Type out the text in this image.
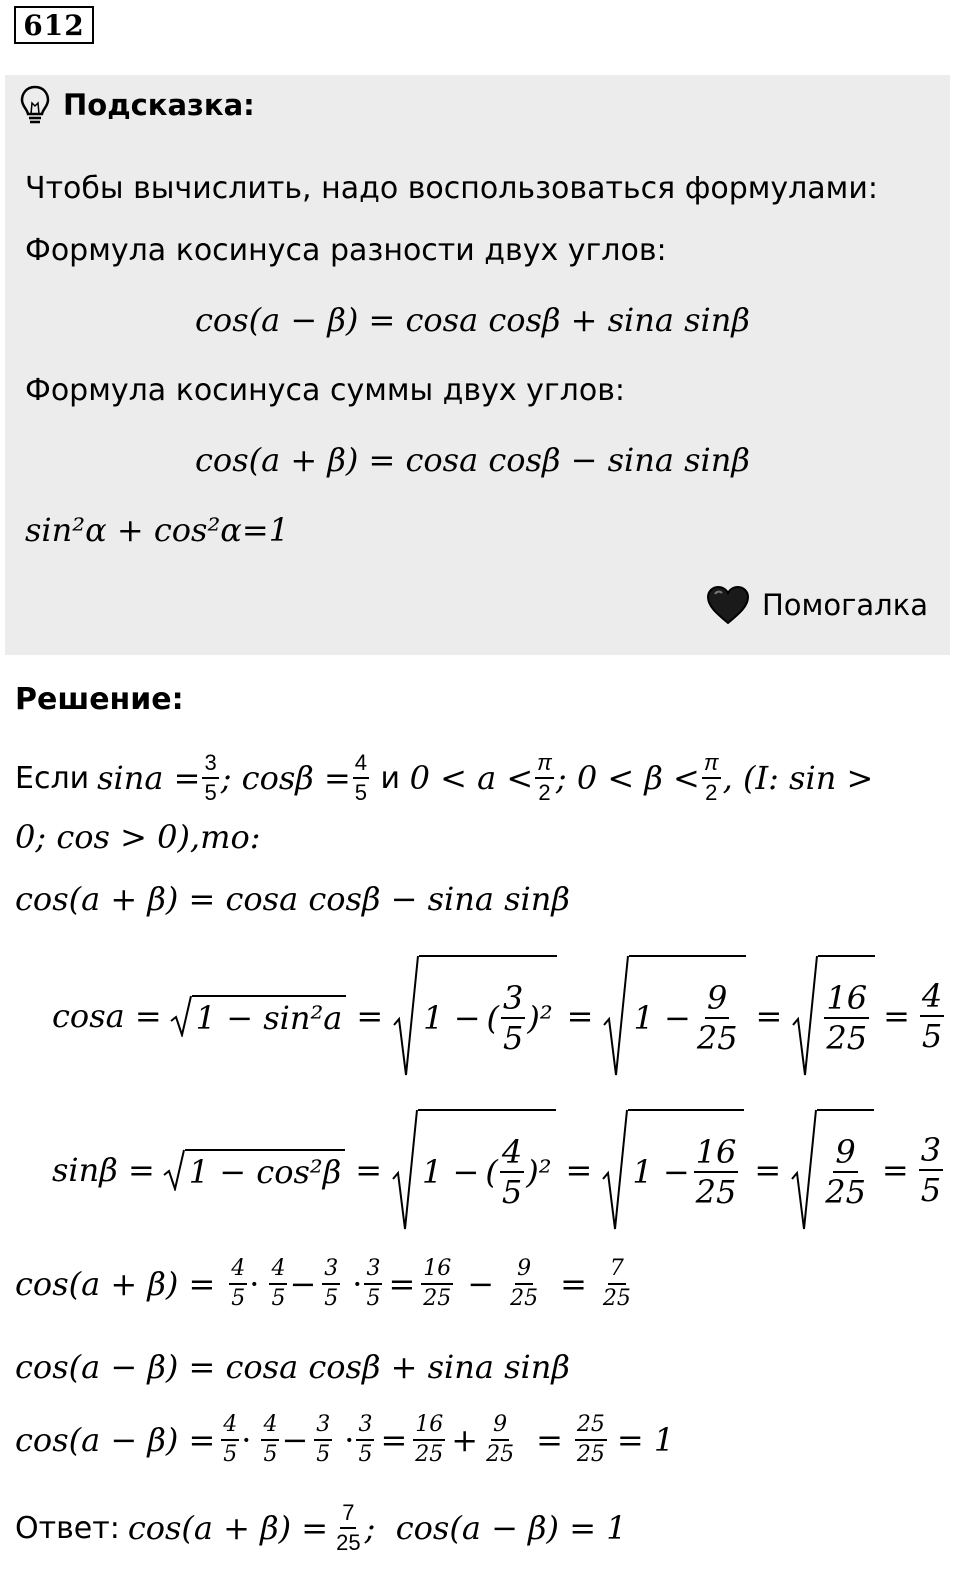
612
Подсказка:
Чтобы вычислить, надо воспользоваться формулами:
Формула косинуса разности двух углов:
cos(a − β) = cosa cosβ + sina sinβ
Формула косинуса суммы двух углов:
cos(a + β) = cosa cosβ − sina sinβ
sin²α + cos²α=1
Помогалка
Решение:
Если $\sin a = \frac{3}{5}$ ; $\cos\beta = \frac{4}{5}$ и $0 < a < \frac{\pi}{2}$ ; $0 < \beta < \frac{\pi}{2}$ , (I: sin >
0; cos > 0),то:
cos(a + β) = cosa cosβ − sina sinβ
cosa = 1 − sin²a = 1 − ( $\frac{3}{5} )^2 = 1 - \frac{9}{25} = \frac{16}{25} = \frac{4}{5}$
sinβ = 1 − cos²β = 1 − ( $\frac{4}{5} )^2 = 1 - \frac{16}{25} = \frac{9}{25} = \frac{3}{5}$
$\cos(a + \beta) = \frac{4}{5} \cdot \frac{4}{5} - \frac{3}{5} \cdot \frac{3}{5} = \frac{16}{25} - \frac{9}{25} = \frac{7}{25}$
cos(a − β) = cosa cosβ + sina sinβ
$\cos(a - \beta) = \frac{4}{5} \cdot \frac{4}{5} - \frac{3}{5} \cdot \frac{3}{5} = \frac{16}{25} + \frac{9}{25} = \frac{25}{25} = 1$
Ответ: $\cos(a + \beta) = \frac{7}{25}$ ;  cos(a − β) = 1
